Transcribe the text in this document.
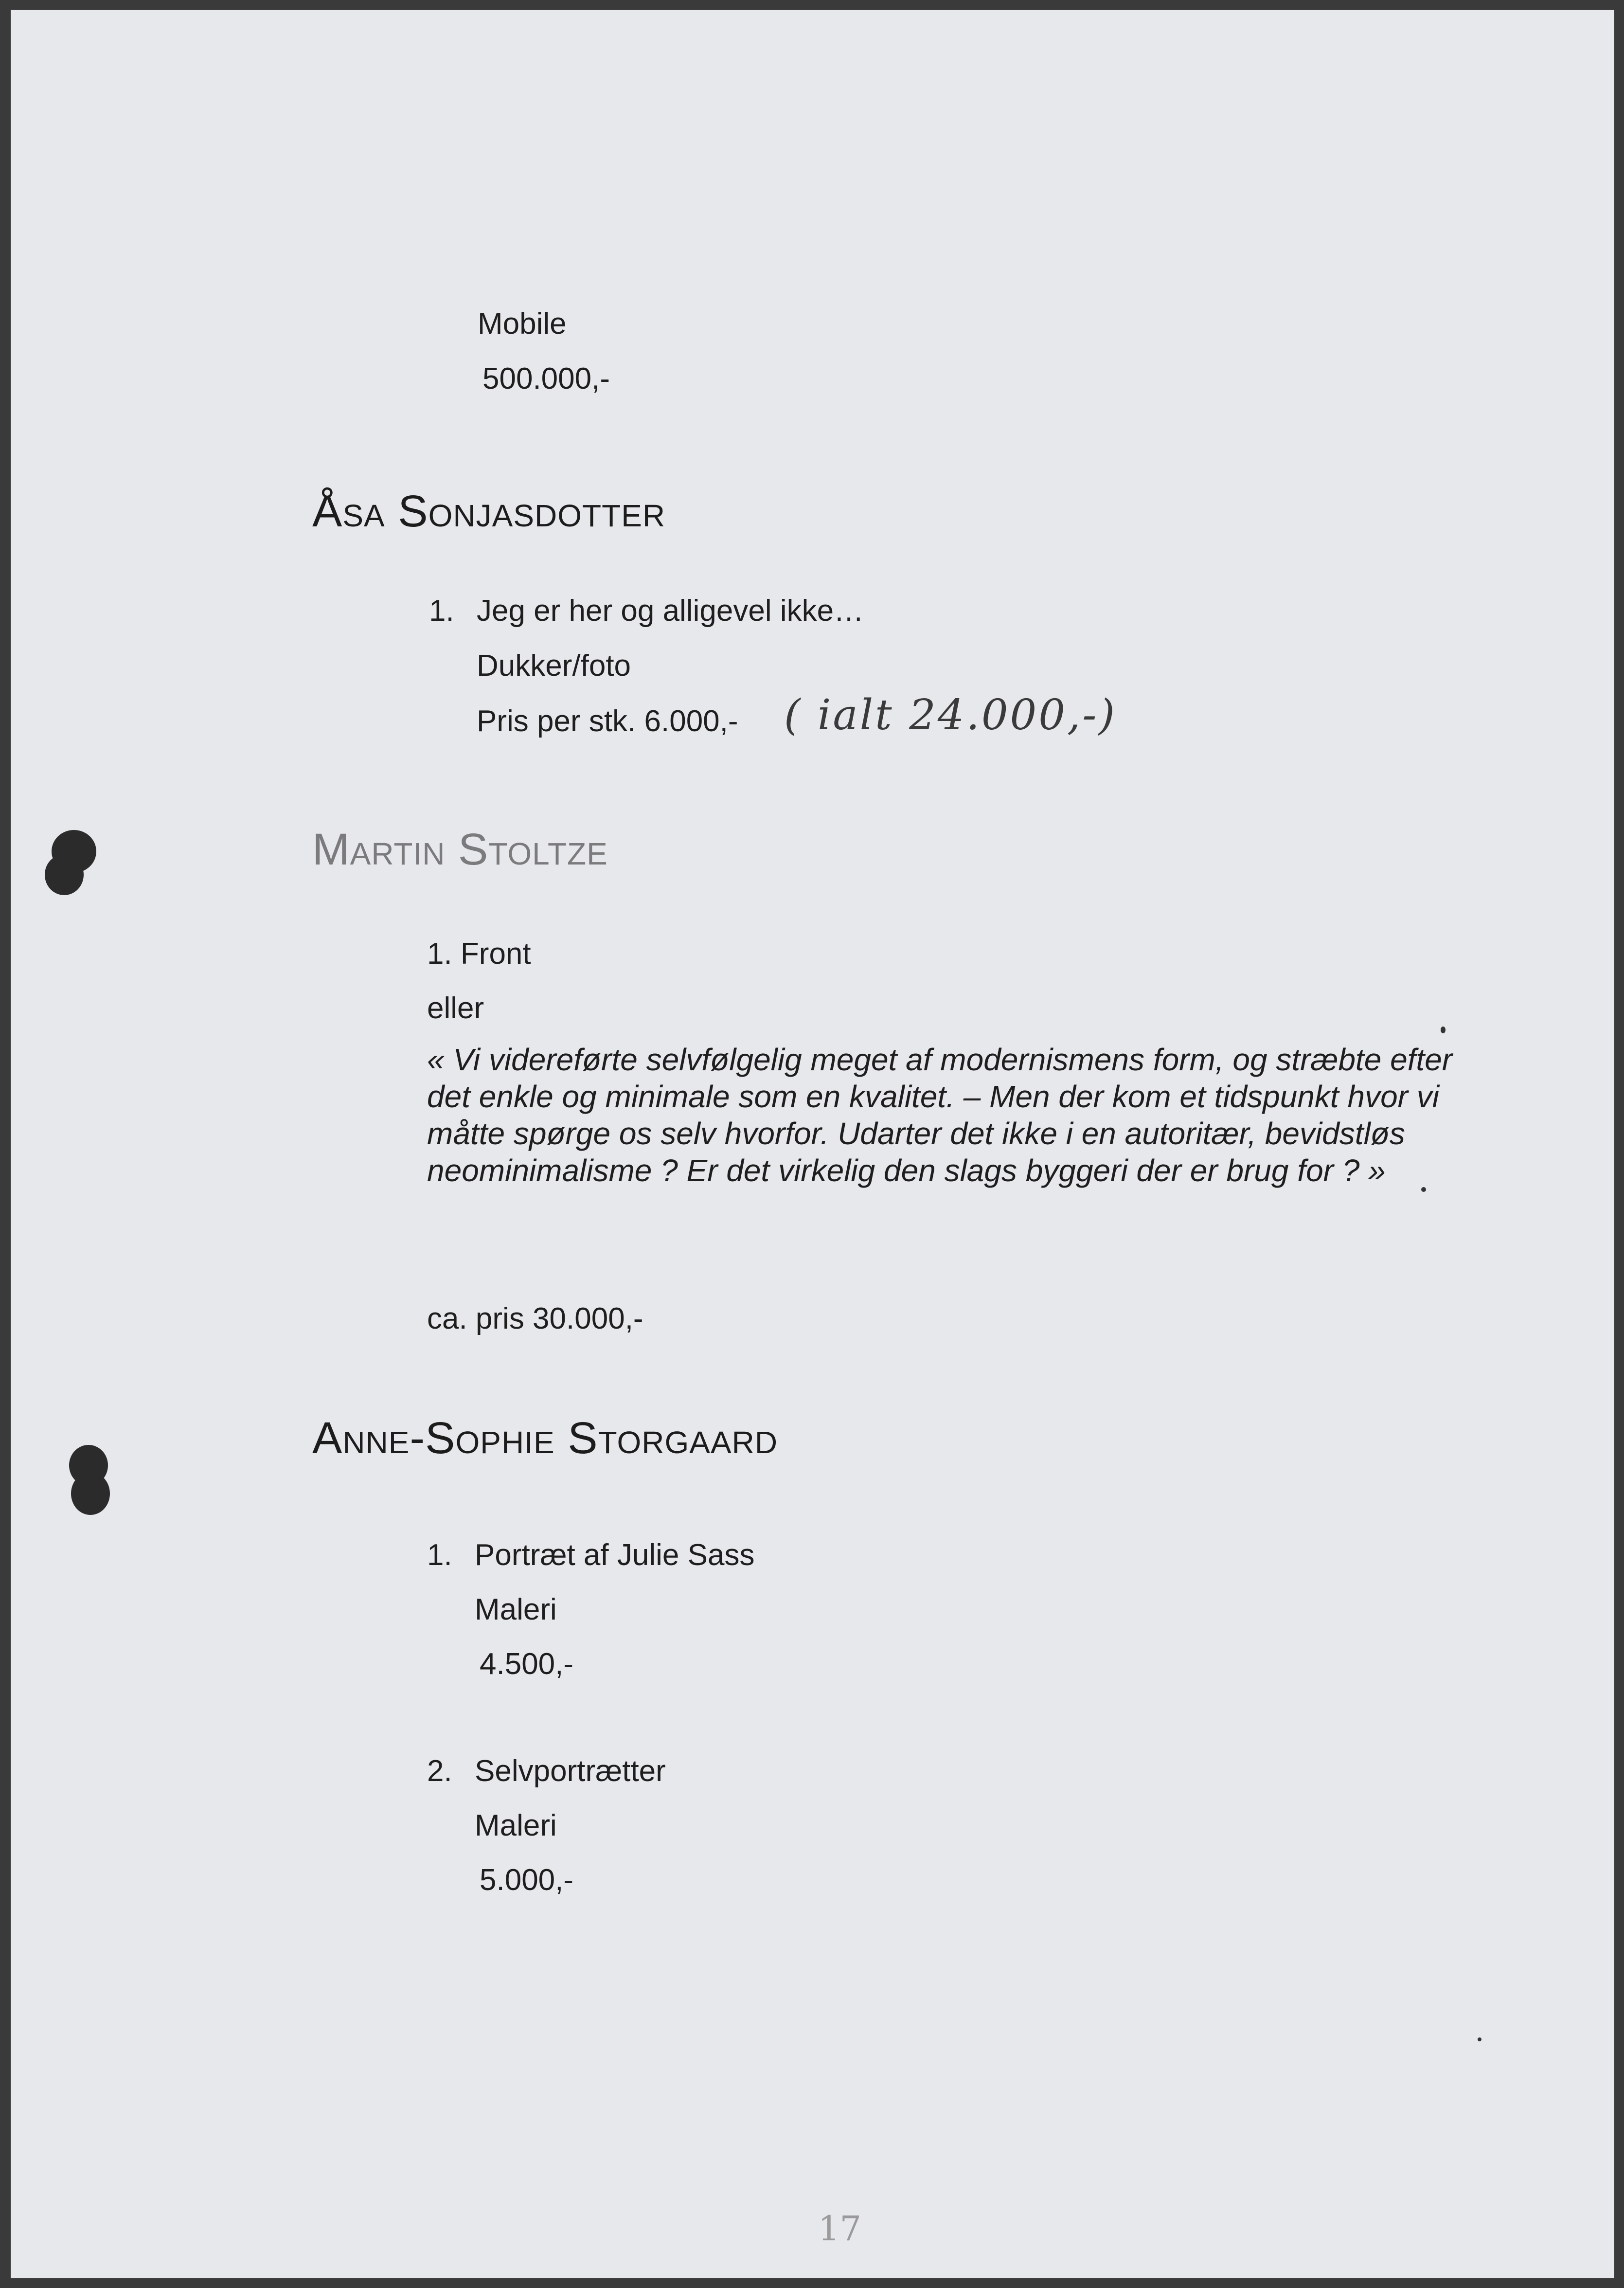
Mobile
500.000,-
Åsa Sonjasdotter
1. Jeg er her og alligevel ikke…
Dukker/foto
Pris per stk. 6.000,- ( ialt 24.000,-)
Martin Stoltze
1. Front
eller
« Vi videreførte selvfølgelig meget af modernismens form, og stræbte efter det enkle og minimale som en kvalitet. – Men der kom et tidspunkt hvor vi måtte spørge os selv hvorfor. Udarter det ikke i en autoritær, bevidstløs neominimalisme ? Er det virkelig den slags byggeri der er brug for ? »
ca. pris 30.000,-
Anne-Sophie Storgaard
1. Portræt af Julie Sass
Maleri
4.500,-
2. Selvportrætter
Maleri
5.000,-
17
